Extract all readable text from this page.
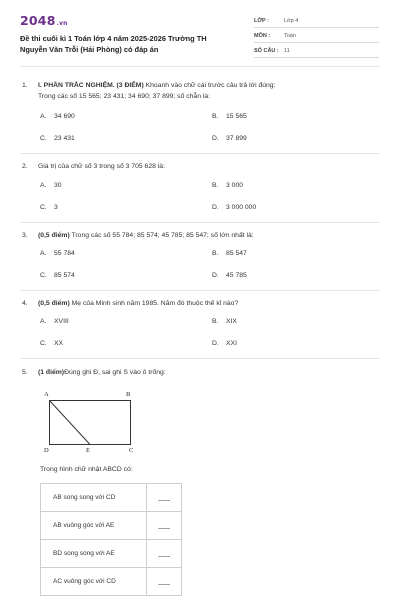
2048.vn
Đề thi cuối kì 1 Toán lớp 4 năm 2025-2026 Trường TH Nguyễn Văn Trỗi (Hải Phòng) có đáp án
LỚP :	Lớp 4
MÔN :	Toán
SỐ CÂU : 11
1. I. PHẦN TRẮC NGHIỆM. (3 ĐIỂM) Khoanh vào chữ cái trước câu trả lời đúng:
Trong các số 15 565; 23 431; 34 690; 37 899; số chẵn là:
A. 34 690	B. 15 565
C. 23 431	D. 37 899
2. Giá trị của chữ số 3 trong số 3 705 628 là:
A. 30	B. 3 000
C. 3	D. 3 000 000
3. (0,5 điểm) Trong các số 55 784; 85 574; 45 785; 85 547; số lớn nhất là:
A. 55 784	B. 85 547
C. 85 574	D. 45 785
4. (0,5 điểm) Mẹ của Minh sinh năm 1985. Năm đó thuộc thế kỉ nào?
A. XVIII	B. XIX
C. XX	D. XXI
5. (1 điểm)Đúng ghi Đ, sai ghi S vào ô trống:
A	B
D	E	C
Trong hình chữ nhật ABCD có:
AB song song với CD	___
AB vuông góc với AE	___
BD song song với AE	___
AC vuông góc với CD	___
